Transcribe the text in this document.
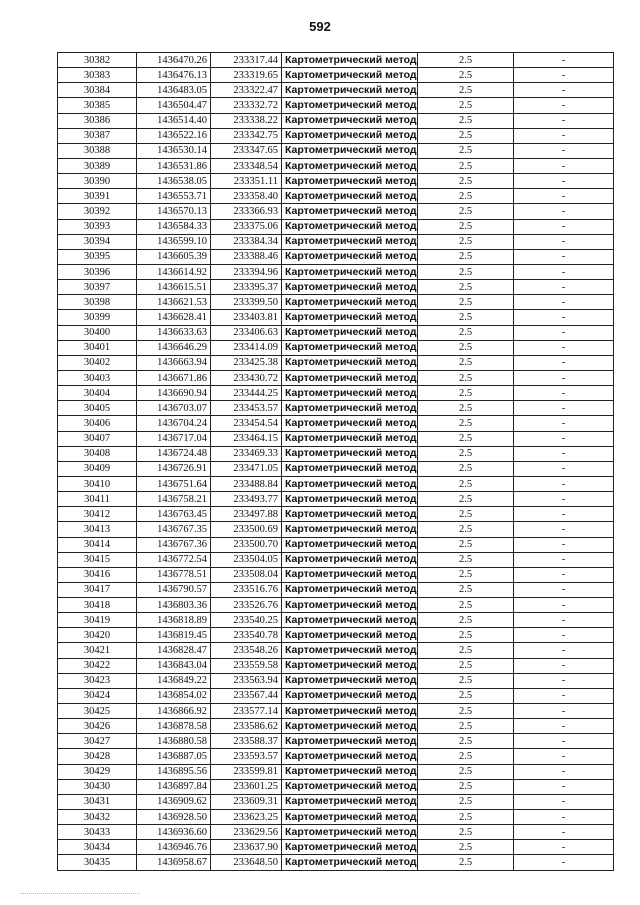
592
30382	1436470.26	233317.44	Картометрический метод	2.5	-
30383	1436476.13	233319.65	Картометрический метод	2.5	-
30384	1436483.05	233322.47	Картометрический метод	2.5	-
30385	1436504.47	233332.72	Картометрический метод	2.5	-
30386	1436514.40	233338.22	Картометрический метод	2.5	-
30387	1436522.16	233342.75	Картометрический метод	2.5	-
30388	1436530.14	233347.65	Картометрический метод	2.5	-
30389	1436531.86	233348.54	Картометрический метод	2.5	-
30390	1436538.05	233351.11	Картометрический метод	2.5	-
30391	1436553.71	233358.40	Картометрический метод	2.5	-
30392	1436570.13	233366.93	Картометрический метод	2.5	-
30393	1436584.33	233375.06	Картометрический метод	2.5	-
30394	1436599.10	233384.34	Картометрический метод	2.5	-
30395	1436605.39	233388.46	Картометрический метод	2.5	-
30396	1436614.92	233394.96	Картометрический метод	2.5	-
30397	1436615.51	233395.37	Картометрический метод	2.5	-
30398	1436621.53	233399.50	Картометрический метод	2.5	-
30399	1436628.41	233403.81	Картометрический метод	2.5	-
30400	1436633.63	233406.63	Картометрический метод	2.5	-
30401	1436646.29	233414.09	Картометрический метод	2.5	-
30402	1436663.94	233425.38	Картометрический метод	2.5	-
30403	1436671.86	233430.72	Картометрический метод	2.5	-
30404	1436690.94	233444.25	Картометрический метод	2.5	-
30405	1436703.07	233453.57	Картометрический метод	2.5	-
30406	1436704.24	233454.54	Картометрический метод	2.5	-
30407	1436717.04	233464.15	Картометрический метод	2.5	-
30408	1436724.48	233469.33	Картометрический метод	2.5	-
30409	1436726.91	233471.05	Картометрический метод	2.5	-
30410	1436751.64	233488.84	Картометрический метод	2.5	-
30411	1436758.21	233493.77	Картометрический метод	2.5	-
30412	1436763.45	233497.88	Картометрический метод	2.5	-
30413	1436767.35	233500.69	Картометрический метод	2.5	-
30414	1436767.36	233500.70	Картометрический метод	2.5	-
30415	1436772.54	233504.05	Картометрический метод	2.5	-
30416	1436778.51	233508.04	Картометрический метод	2.5	-
30417	1436790.57	233516.76	Картометрический метод	2.5	-
30418	1436803.36	233526.76	Картометрический метод	2.5	-
30419	1436818.89	233540.25	Картометрический метод	2.5	-
30420	1436819.45	233540.78	Картометрический метод	2.5	-
30421	1436828.47	233548.26	Картометрический метод	2.5	-
30422	1436843.04	233559.58	Картометрический метод	2.5	-
30423	1436849.22	233563.94	Картометрический метод	2.5	-
30424	1436854.02	233567.44	Картометрический метод	2.5	-
30425	1436866.92	233577.14	Картометрический метод	2.5	-
30426	1436878.58	233586.62	Картометрический метод	2.5	-
30427	1436880.58	233588.37	Картометрический метод	2.5	-
30428	1436887.05	233593.57	Картометрический метод	2.5	-
30429	1436895.56	233599.81	Картометрический метод	2.5	-
30430	1436897.84	233601.25	Картометрический метод	2.5	-
30431	1436909.62	233609.31	Картометрический метод	2.5	-
30432	1436928.50	233623.25	Картометрический метод	2.5	-
30433	1436936.60	233629.56	Картометрический метод	2.5	-
30434	1436946.76	233637.90	Картометрический метод	2.5	-
30435	1436958.67	233648.50	Картометрический метод	2.5	-
